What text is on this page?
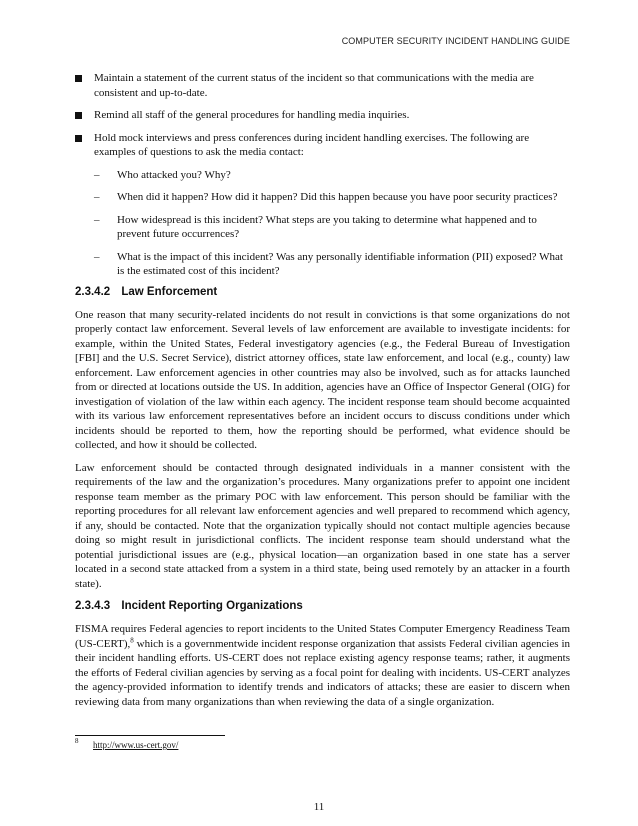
COMPUTER SECURITY INCIDENT HANDLING GUIDE
Maintain a statement of the current status of the incident so that communications with the media are consistent and up-to-date.
Remind all staff of the general procedures for handling media inquiries.
Hold mock interviews and press conferences during incident handling exercises. The following are examples of questions to ask the media contact:
– Who attacked you? Why?
– When did it happen? How did it happen? Did this happen because you have poor security practices?
– How widespread is this incident? What steps are you taking to determine what happened and to prevent future occurrences?
– What is the impact of this incident? Was any personally identifiable information (PII) exposed? What is the estimated cost of this incident?
2.3.4.2 Law Enforcement

One reason that many security-related incidents do not result in convictions is that some organizations do not properly contact law enforcement. Several levels of law enforcement are available to investigate incidents: for example, within the United States, Federal investigatory agencies (e.g., the Federal Bureau of Investigation [FBI] and the U.S. Secret Service), district attorney offices, state law enforcement, and local (e.g., county) law enforcement. Law enforcement agencies in other countries may also be involved, such as for attacks launched from or directed at locations outside the US. In addition, agencies have an Office of Inspector General (OIG) for investigation of violation of the law within each agency. The incident response team should become acquainted with its various law enforcement representatives before an incident occurs to discuss conditions under which incidents should be reported to them, how the reporting should be performed, what evidence should be collected, and how it should be collected.

Law enforcement should be contacted through designated individuals in a manner consistent with the requirements of the law and the organization’s procedures. Many organizations prefer to appoint one incident response team member as the primary POC with law enforcement. This person should be familiar with the reporting procedures for all relevant law enforcement agencies and well prepared to recommend which agency, if any, should be contacted. Note that the organization typically should not contact multiple agencies because doing so might result in jurisdictional conflicts. The incident response team should understand what the potential jurisdictional issues are (e.g., physical location—an organization based in one state has a server located in a second state attacked from a system in a third state, being used remotely by an attacker in a fourth state).

2.3.4.3 Incident Reporting Organizations

FISMA requires Federal agencies to report incidents to the United States Computer Emergency Readiness Team (US-CERT),$^8$ which is a governmentwide incident response organization that assists Federal civilian agencies in their incident handling efforts. US-CERT does not replace existing agency response teams; rather, it augments the efforts of Federal civilian agencies by serving as a focal point for dealing with incidents. US-CERT analyzes the agency-provided information to identify trends and indicators of attacks; these are easier to discern when reviewing data from many organizations than when reviewing the data of a single organization.

8 http://www.us-cert.gov/
11
